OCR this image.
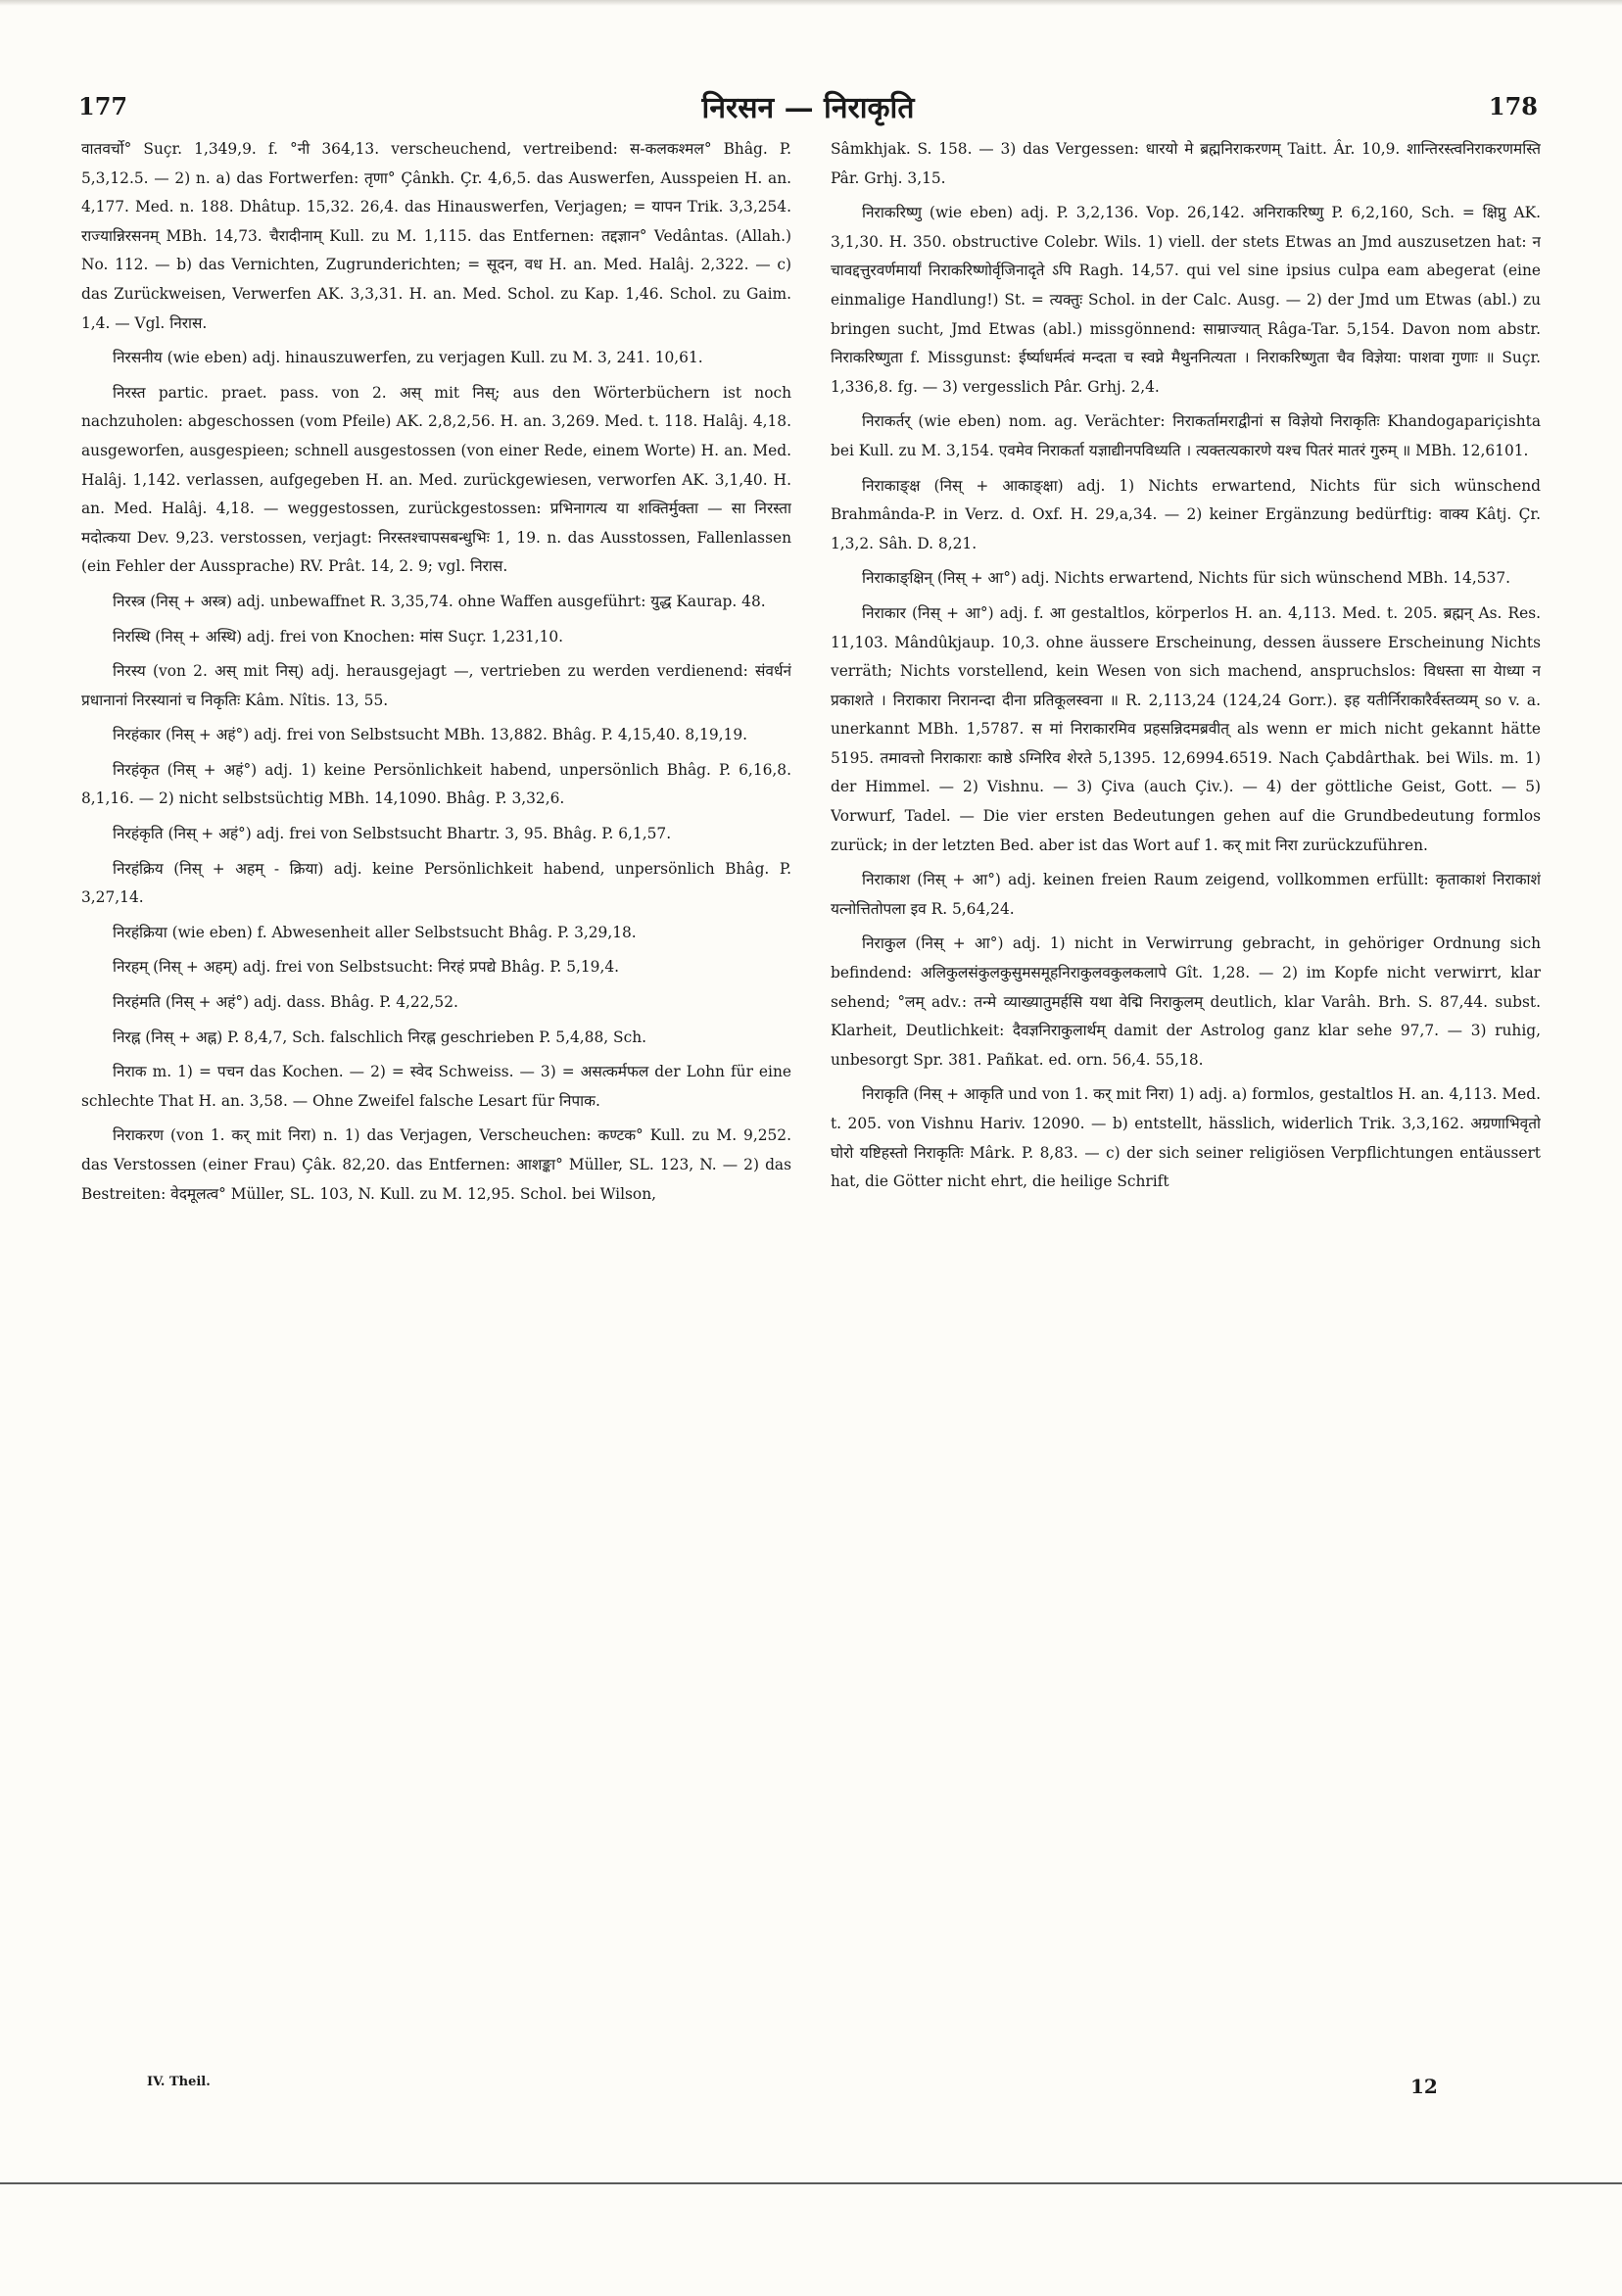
177	निरसन — निराकृति	178

वातवर्चो° Suçr. 1,349,9. f. °नी 364,13. verscheuchend, vertreibend: स-कलकश्मल° Bhâg. P. 5,3,12.5. — 2) n. a) das Fortwerfen: तृणा° Çânkh. Çr. 4,6,5. das Auswerfen, Ausspeien H. an. 4,177. Med. n. 188. Dhâtup. 15,32. 26,4. das Hinauswerfen, Verjagen; = यापन Trik. 3,3,254. राज्यान्निरसनम् MBh. 14,73. चैरादीनाम् Kull. zu M. 1,115. das Entfernen: तद्दज्ञान° Vedântas. (Allah.) No. 112. — b) das Vernichten, Zugrunderichten; = सूदन, वध H. an. Med. Halâj. 2,322. — c) das Zurückweisen, Verwerfen AK. 3,3,31. H. an. Med. Schol. zu Kap. 1,46. Schol. zu Gaim. 1,4. — Vgl. निरास.

निरसनीय (wie eben) adj. hinauszuwerfen, zu verjagen Kull. zu M. 3, 241. 10,61.

निरस्त partic. praet. pass. von 2. अस् mit निस्; aus den Wörterbüchern ist noch nachzuholen: abgeschossen (vom Pfeile) AK. 2,8,2,56. H. an. 3,269. Med. t. 118. Halâj. 4,18. ausgeworfen, ausgespieen; schnell ausgestossen (von einer Rede, einem Worte) H. an. Med. Halâj. 1,142. verlassen, aufgegeben H. an. Med. zurückgewiesen, verworfen AK. 3,1,40. H. an. Med. Halâj. 4,18. — weggestossen, zurückgestossen: प्रभिनागत्य या शक्तिर्मुक्ता — सा निरस्ता मदोत्कया Dev. 9,23. verstossen, verjagt: निरस्तश्चापसबन्धुभिः 1, 19. n. das Ausstossen, Fallenlassen (ein Fehler der Aussprache) RV. Prât. 14, 2. 9; vgl. निरास.

निरस्त्र (निस् + अस्त्र) adj. unbewaffnet R. 3,35,74. ohne Waffen ausgeführt: युद्ध Kaurap. 48.

निरस्थि (निस् + अस्थि) adj. frei von Knochen: मांस Suçr. 1,231,10.

निरस्य (von 2. अस् mit निस्) adj. herausgejagt —, vertrieben zu werden verdienend: संवर्धनं प्रधानानां निरस्यानां च निकृतिः Kâm. Nîtis. 13, 55.

निरहंकार (निस् + अहं°) adj. frei von Selbstsucht MBh. 13,882. Bhâg. P. 4,15,40. 8,19,19.

निरहंकृत (निस् + अहं°) adj. 1) keine Persönlichkeit habend, unpersönlich Bhâg. P. 6,16,8. 8,1,16. — 2) nicht selbstsüchtig MBh. 14,1090. Bhâg. P. 3,32,6.

निरहंकृति (निस् + अहं°) adj. frei von Selbstsucht Bhartr. 3, 95. Bhâg. P. 6,1,57.

निरहंक्रिय (निस् + अहम् - क्रिया) adj. keine Persönlichkeit habend, unpersönlich Bhâg. P. 3,27,14.

निरहंक्रिया (wie eben) f. Abwesenheit aller Selbstsucht Bhâg. P. 3,29,18.

निरहम् (निस् + अहम्) adj. frei von Selbstsucht: निरहं प्रपद्ये Bhâg. P. 5,19,4.

निरहंमति (निस् + अहं°) adj. dass. Bhâg. P. 4,22,52.

निरह्न (निस् + अह्न) P. 8,4,7, Sch. falschlich निरह्न geschrieben P. 5,4,88, Sch.

निराक m. 1) = पचन das Kochen. — 2) = स्वेद Schweiss. — 3) = असत्कर्मफल der Lohn für eine schlechte That H. an. 3,58. — Ohne Zweifel falsche Lesart für निपाक.

निराकरण (von 1. कर् mit निरा) n. 1) das Verjagen, Verscheuchen: कण्टक° Kull. zu M. 9,252. das Verstossen (einer Frau) Çâk. 82,20. das Entfernen: आशङ्का° Müller, SL. 123, N. — 2) das Bestreiten: वेदमूलत्व° Müller, SL. 103, N. Kull. zu M. 12,95. Schol. bei Wilson,

Sâmkhjak. S. 158. — 3) das Vergessen: धारयो मे ब्रह्मनिराकरणम् Taitt. Âr. 10,9. शान्तिरस्त्वनिराकरणमस्ति Pâr. Grhj. 3,15.

निराकरिष्णु (wie eben) adj. P. 3,2,136. Vop. 26,142. अनिराकरिष्णु P. 6,2,160, Sch. = क्षिप्नु AK. 3,1,30. H. 350. obstructive Colebr. Wils. 1) viell. der stets Etwas an Jmd auszusetzen hat: न चावद्दत्तुरवर्णमार्यां निराकरिष्णोर्वृजिनादृते ऽपि Ragh. 14,57. qui vel sine ipsius culpa eam abegerat (eine einmalige Handlung!) St. = त्यक्तुः Schol. in der Calc. Ausg. — 2) der Jmd um Etwas (abl.) zu bringen sucht, Jmd Etwas (abl.) missgönnend: साम्राज्यात् Râga-Tar. 5,154. Davon nom abstr. निराकरिष्णुता f. Missgunst: ईर्ष्याधर्मत्वं मन्दता च स्वप्ने मैथुननित्यता । निराकरिष्णुता चैव विज्ञेया: पाशवा गुणाः ॥ Suçr. 1,336,8. fg. — 3) vergesslich Pâr. Grhj. 2,4.

निराकर्तर् (wie eben) nom. ag. Verächter: निराकर्तामराद्वीनां स विज्ञेयो निराकृतिः Khandogapariçishta bei Kull. zu M. 3,154. एवमेव निराकर्ता यज्ञाद्यीनपविध्यति । त्यक्तत्यकारणे यश्च पितरं मातरं गुरुम् ॥ MBh. 12,6101.

निराकाङ्क्ष (निस् + आकाङ्क्षा) adj. 1) Nichts erwartend, Nichts für sich wünschend Brahmânda-P. in Verz. d. Oxf. H. 29,a,34. — 2) keiner Ergänzung bedürftig: वाक्य Kâtj. Çr. 1,3,2. Sâh. D. 8,21.

निराकाङ्क्षिन् (निस् + आ°) adj. Nichts erwartend, Nichts für sich wünschend MBh. 14,537.

निराकार (निस् + आ°) adj. f. आ gestaltlos, körperlos H. an. 4,113. Med. t. 205. ब्रह्मन् As. Res. 11,103. Mândûkjaup. 10,3. ohne äussere Erscheinung, dessen äussere Erscheinung Nichts verräth; Nichts vorstellend, kein Wesen von sich machend, anspruchslos: विधस्ता सा येाध्या न प्रकाशते । निराकारा निरानन्दा दीना प्रतिकूलस्वना ॥ R. 2,113,24 (124,24 Gorr.). इह यतीर्निराकारैर्वस्तव्यम् so v. a. unerkannt MBh. 1,5787. स मां निराकारमिव प्रहसन्निदमब्रवीत् als wenn er mich nicht gekannt hätte 5195. तमावत्तो निराकाराः काष्ठे ऽग्निरिव शेरते 5,1395. 12,6994.6519. Nach Çabdârthak. bei Wils. m. 1) der Himmel. — 2) Vishnu. — 3) Çiva (auch Çiv.). — 4) der göttliche Geist, Gott. — 5) Vorwurf, Tadel. — Die vier ersten Bedeutungen gehen auf die Grundbedeutung formlos zurück; in der letzten Bed. aber ist das Wort auf 1. कर् mit निरा zurückzuführen.

निराकाश (निस् + आ°) adj. keinen freien Raum zeigend, vollkommen erfüllt: कृताकाशं निराकाशं यत्नोत्तितोपला इव R. 5,64,24.

निराकुल (निस् + आ°) adj. 1) nicht in Verwirrung gebracht, in gehöriger Ordnung sich befindend: अलिकुलसंकुलकुसुमसमूहनिराकुलवकुलकलापे Gît. 1,28. — 2) im Kopfe nicht verwirrt, klar sehend; °लम् adv.: तन्मे व्याख्यातुमर्हसि यथा वेद्मि निराकुलम् deutlich, klar Varâh. Brh. S. 87,44. subst. Klarheit, Deutlichkeit: दैवज्ञनिराकुलार्थम् damit der Astrolog ganz klar sehe 97,7. — 3) ruhig, unbesorgt Spr. 381. Pañkat. ed. orn. 56,4. 55,18.

निराकृति (निस् + आकृति und von 1. कर् mit निरा) 1) adj. a) formlos, gestaltlos H. an. 4,113. Med. t. 205. von Vishnu Hariv. 12090. — b) entstellt, hässlich, widerlich Trik. 3,3,162. अग्रणाभिवृतो घोरो यष्टिहस्तो निराकृतिः Mârk. P. 8,83. — c) der sich seiner religiösen Verpflichtungen entäussert hat, die Götter nicht ehrt, die heilige Schrift

IV. Theil.	12
